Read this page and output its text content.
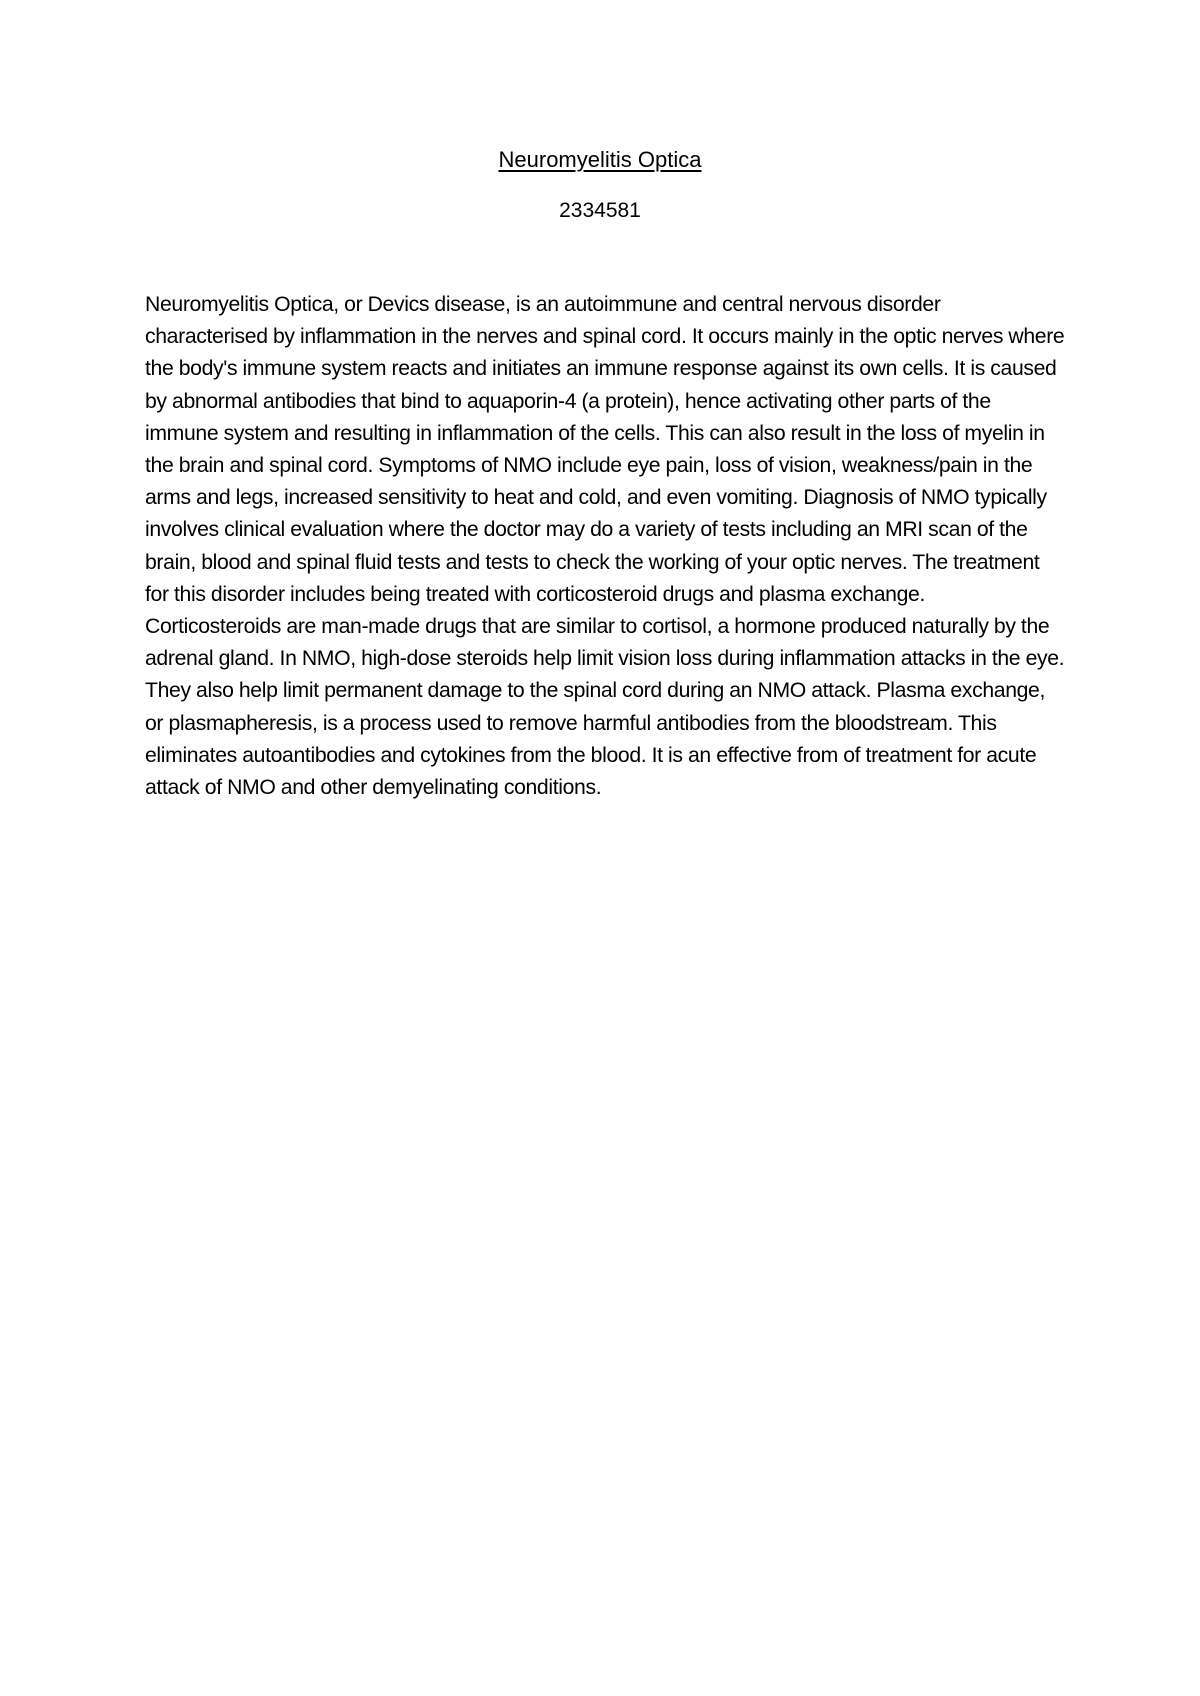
Neuromyelitis Optica

2334581

Neuromyelitis Optica, or Devics disease, is an autoimmune and central nervous disorder characterised by inflammation in the nerves and spinal cord. It occurs mainly in the optic nerves where the body's immune system reacts and initiates an immune response against its own cells. It is caused by abnormal antibodies that bind to aquaporin-4 (a protein), hence activating other parts of the immune system and resulting in inflammation of the cells. This can also result in the loss of myelin in the brain and spinal cord. Symptoms of NMO include eye pain, loss of vision, weakness/pain in the arms and legs, increased sensitivity to heat and cold, and even vomiting. Diagnosis of NMO typically involves clinical evaluation where the doctor may do a variety of tests including an MRI scan of the brain, blood and spinal fluid tests and tests to check the working of your optic nerves. The treatment for this disorder includes being treated with corticosteroid drugs and plasma exchange. Corticosteroids are man-made drugs that are similar to cortisol, a hormone produced naturally by the adrenal gland. In NMO, high-dose steroids help limit vision loss during inflammation attacks in the eye. They also help limit permanent damage to the spinal cord during an NMO attack. Plasma exchange, or plasmapheresis, is a process used to remove harmful antibodies from the bloodstream. This eliminates autoantibodies and cytokines from the blood. It is an effective from of treatment for acute attack of NMO and other demyelinating conditions.
